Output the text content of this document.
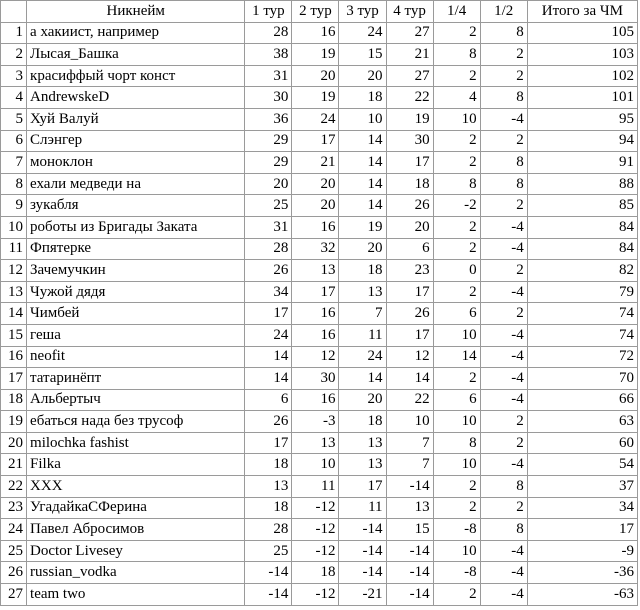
	Никнейм	1 тур	2 тур	3 тур	4 тур	1/4	1/2	Итого за ЧМ
1	а хакиист, например	28	16	24	27	2	8	105
2	Лысая_Башка	38	19	15	21	8	2	103
3	красиффый чорт конст	31	20	20	27	2	2	102
4	AndrewskeD	30	19	18	22	4	8	101
5	Хуй Валуй	36	24	10	19	10	-4	95
6	Слэнгер	29	17	14	30	2	2	94
7	моноклон	29	21	14	17	2	8	91
8	ехали медведи на	20	20	14	18	8	8	88
9	зукабля	25	20	14	26	-2	2	85
10	роботы из Бригады Заката	31	16	19	20	2	-4	84
11	Фпятерке	28	32	20	6	2	-4	84
12	Зачемучкин	26	13	18	23	0	2	82
13	Чужой дядя	34	17	13	17	2	-4	79
14	Чимбей	17	16	7	26	6	2	74
15	геша	24	16	11	17	10	-4	74
16	neofit	14	12	24	12	14	-4	72
17	татаринёпт	14	30	14	14	2	-4	70
18	Альбертыч	6	16	20	22	6	-4	66
19	ебаться нада без трусоф	26	-3	18	10	10	2	63
20	milochka fashist	17	13	13	7	8	2	60
21	Filka	18	10	13	7	10	-4	54
22	XXX	13	11	17	-14	2	8	37
23	УгадайкаСФерина	18	-12	11	13	2	2	34
24	Павел Абросимов	28	-12	-14	15	-8	8	17
25	Doctor Livesey	25	-12	-14	-14	10	-4	-9
26	russian_vodka	-14	18	-14	-14	-8	-4	-36
27	team two	-14	-12	-21	-14	2	-4	-63
